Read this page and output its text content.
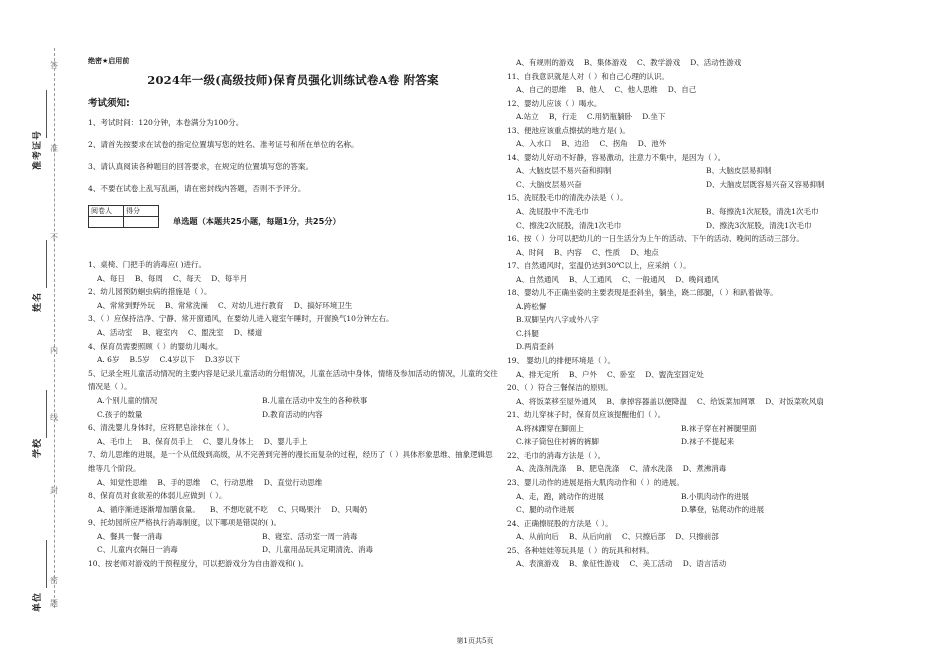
准考证号
姓名
学校
单位
密
封
线
内
不
准
答
题
绝密★启用前
2024年一级(高级技师)保育员强化训练试卷A卷 附答案
考试须知:
1、考试时间：120分钟，本卷满分为100分。
2、请首先按要求在试卷的指定位置填写您的姓名、准考证号和所在单位的名称。
3、请认真阅读各种题目的回答要求，在规定的位置填写您的答案。
4、不要在试卷上乱写乱画，请在密封线内答题，否则不予评分。
阅卷人	得分

单选题（本题共25小题，每题1分，共25分）
1、桌椅、门把手的消毒应( )进行。
A、每日 B、每周 C、每天 D、每半月
2、幼儿园预防蛔虫病的措施是（ ）。
A、常常到野外玩 B、常常洗澡 C、对幼儿进行教育 D、搞好环境卫生
3、（ ）应保持洁净、宁静、常开窗通风，在要幼儿进入寝室午睡时，开窗换气10分钟左右。
A、活动室 B、寝室内 C、盥洗室 D、楼道
4、保育员需要照顾（ ）的婴幼儿喝水。
A. 6岁 B.5岁 C.4岁以下 D.3岁以下
5、记录全班儿童活动情况的主要内容是记录儿童活动的分组情况，儿童在活动中身体，情绪及参加活动的情况，儿童的交往情况是（ ）。
A.个别儿童的情况	B.儿童在活动中发生的各种秩事
C.孩子的数量	D.教育活动的内容
6、清洗婴儿身体时，应将肥皂涂抹在（ ）。
A、毛巾上 B、保育员手上 C、婴儿身体上 D、婴儿手上
7、幼儿思维的进展，是一个从低级到高级，从不完善到完善的漫长而复杂的过程，经历了（ ）具体形象思维、抽象逻辑思维等几个阶段。
A、知觉性思维 B、手的思维 C、行动思维 D、直觉行动思维
8、保育员对食欲差的体弱儿应做到（ ）。
A、循序渐进逐渐增加膳食量。 B、不想吃就不吃 C、只喝果汁 D、只喝奶
9、托幼园所应严格执行消毒制度，以下哪项是错误的( )。
A、餐具一餐一消毒	B、寝室、活动室一周一消毒
C、儿童内衣隔日一消毒	D、儿童用品玩具定期清洗、消毒
10、按老师对游戏的干预程度分，可以把游戏分为自由游戏和( )。
A、有规则的游戏 B、集体游戏 C、教学游戏 D、活动性游戏
11、自我意识就是人对（ ）和自己心理的认识。
A、自己的思维 B、他人 C、他人思维 D、自己
12、婴幼儿应该（ ）喝水。
A.站立 B，行走 C.用奶瓶躺卧 D.坐下
13、便池应该重点擦拭的地方是( )。
A、入水口 B、边沿 C、拐角 D、池外
14、婴幼儿好动不好静，容易激动，注意力不集中，是因为（ ）。
A、大脑皮层不易兴奋和抑制	B、大脑皮层易抑制
C、大脑皮层易兴奋	D、大脑皮层既容易兴奋又容易抑制
15、洗屁股毛巾的清洗办法是（ ）。
A、洗屁股中不洗毛巾	B、每擦洗1次屁股，清洗1次毛巾
C、擦洗2次屁股，清洗1次毛巾	D、擦洗3次屁股，清洗1次毛巾
16、按（ ）分可以把幼儿的一日生活分为上午的活动、下午的活动、晚间的活动三部分。
A、时间 B、内容 C、性质 D、地点
17、自然通风时，室温仍达到30℃以上，应采纳（ ）。
A、自然通风 B、人工通风 C、一般通风 D、晚间通风
18、婴幼儿不正确坐姿的主要表现是歪斜坐，躺坐，跷二郎腿，（ ）和趴着做等。
A.跨松懈
B.双脚呈内八字或外八字
C.抖腿
D.两肩歪斜
19、 婴幼儿的排便环境是（ ）。
A、排无定所 B、户外 C、卧室 D、盥洗室固定处
20、（ ）符合三餐保洁的原则。
A、将饭菜移至屋外通风 B、拿掉容器盖以便降温 C、给饭菜加网罩 D、对饭菜吹风扇
21、幼儿穿袜子时，保育员应该提醒他们（ ）。
A.将袜踝穿在脚面上	B.袜子穿在衬裤腿里面
C.袜子筒包住衬裤的裤脚	D.袜子不提起来
22、毛巾的消毒方法是（ ）。
A、洗涤剂洗涤 B、肥皂洗涤 C、清水洗涤 D、煮沸消毒
23、婴儿动作的进展是指大肌肉动作和（ ）的进展。
A、走，跑，跳动作的进展	B.小肌肉动作的进展
C、腿的动作进展	D.攀登，钻爬动作的进展
24、正确擦屁股的方法是（ ）。
A、从前向后 B、从后向前 C、只擦后部 D、只擦前部
25、各种娃娃等玩具是（ ）的玩具和材料。
A、表演游戏 B、象征性游戏 C、美工活动 D、语言活动
第1页共5页
